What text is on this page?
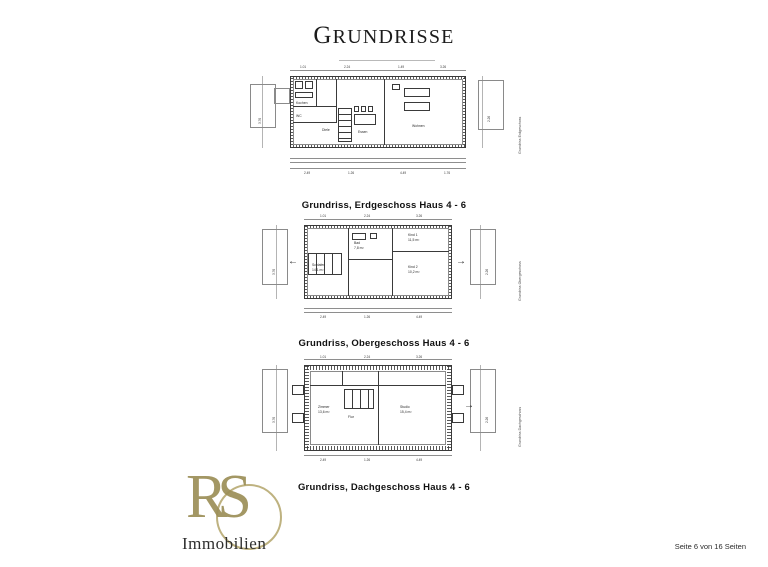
GRUNDRISSE
1.01	2.24	1.49	3.26
2.49	1.26	4.49	1.76
3.76	2.26
Kochen
Essen
Wohnen
Diele
WC
Grundriss Erdgeschoss
Grundriss, Erdgeschoss Haus 4 - 6
1.01	2.24	3.26
2.49	1.26	4.49
3.76	2.26
Bad
7,8 m²
Kind 1
11,5 m²
Kind 2
10,2 m²
Schlafen
14,1 m²
←	→	Grundriss Obergeschoss
Grundriss, Obergeschoss Haus 4 - 6
1.01	2.24	3.26
2.49	1.26	4.49
3.76	2.26
Zimmer
13,6 m²
Studio
15,4 m²
Flur
→
Grundriss Dachgeschoss
Grundriss, Dachgeschoss Haus 4 - 6
RS
Immobilien	Seite 6 von 16 Seiten
